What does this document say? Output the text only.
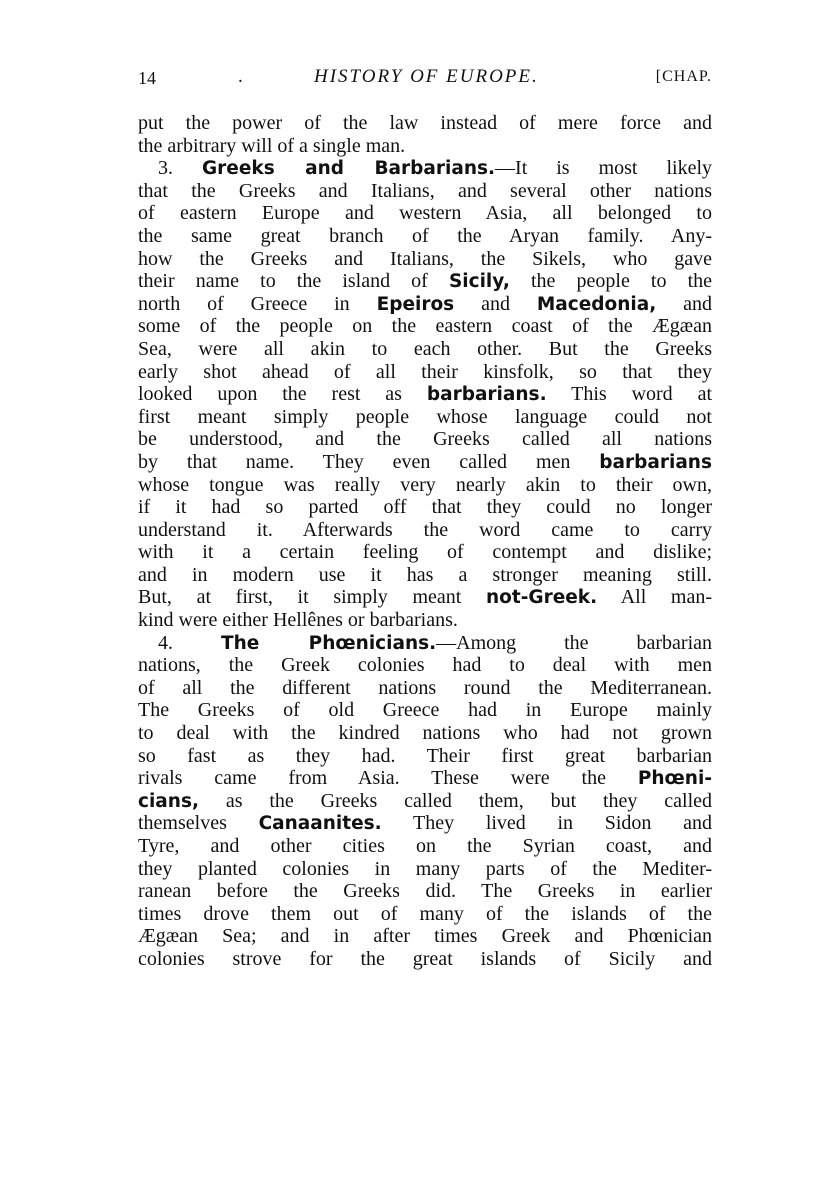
14	.	HISTORY OF EUROPE.	[CHAP.
put the power of the law instead of mere force and
the arbitrary will of a single man.
3. Greeks and Barbarians.—It is most likely
that the Greeks and Italians, and several other nations
of eastern Europe and western Asia, all belonged to
the same great branch of the Aryan family. Any-
how the Greeks and Italians, the Sikels, who gave
their name to the island of Sicily, the people to the
north of Greece in Epeiros and Macedonia, and
some of the people on the eastern coast of the Ægæan
Sea, were all akin to each other. But the Greeks
early shot ahead of all their kinsfolk, so that they
looked upon the rest as barbarians. This word at
first meant simply people whose language could not
be understood, and the Greeks called all nations
by that name. They even called men barbarians
whose tongue was really very nearly akin to their own,
if it had so parted off that they could no longer
understand it. Afterwards the word came to carry
with it a certain feeling of contempt and dislike;
and in modern use it has a stronger meaning still.
But, at first, it simply meant not-Greek. All man-
kind were either Hellênes or barbarians.
4. The Phœnicians.—Among the barbarian
nations, the Greek colonies had to deal with men
of all the different nations round the Mediterranean.
The Greeks of old Greece had in Europe mainly
to deal with the kindred nations who had not grown
so fast as they had. Their first great barbarian
rivals came from Asia. These were the Phœni-
cians, as the Greeks called them, but they called
themselves Canaanites. They lived in Sidon and
Tyre, and other cities on the Syrian coast, and
they planted colonies in many parts of the Mediter-
ranean before the Greeks did. The Greeks in earlier
times drove them out of many of the islands of the
Ægæan Sea; and in after times Greek and Phœnician
colonies strove for the great islands of Sicily and
